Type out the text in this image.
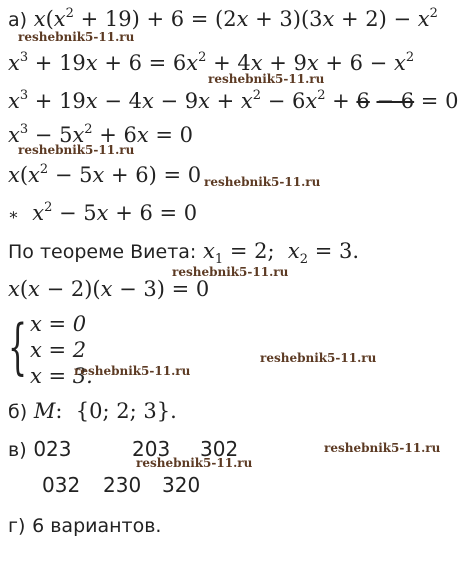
а) $x(x^2 + 19) + 6 = (2x + 3)(3x + 2) - x^2$
reshebnik5-11.ru
$x^3 + 19x + 6 = 6x^2 + 4x + 9x + 6 - x^2$
reshebnik5-11.ru
$x^3 + 19x - 4x - 9x + x^2 - 6x^2 + 6 - 6 = 0$
$x^3 - 5x^2 + 6x = 0$
reshebnik5-11.ru
$x(x^2 - 5x + 6) = 0$ reshebnik5-11.ru
∗ $x^2 - 5x + 6 = 0$
По теореме Виета: $x_1 = 2$;  $x_2 = 3$.
reshebnik5-11.ru
x(x − 2)(x − 3) = 0
{ x = 0
x = 2
x = 3.
reshebnik5-11.ru
reshebnik5-11.ru
б) M:  {0; 2; 3}.
в) 023	203 302	reshebnik5-11.ru
reshebnik5-11.ru
032 230 320
г) 6 вариантов.
